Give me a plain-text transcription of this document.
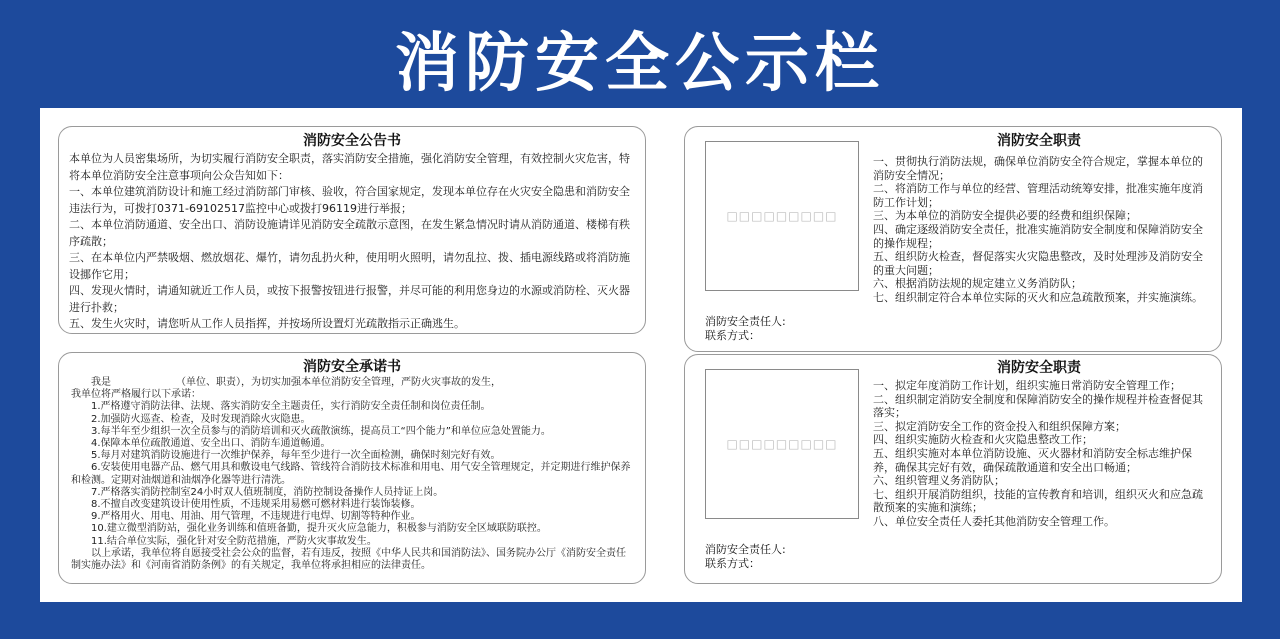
消防安全公示栏
消防安全公告书

本单位为人员密集场所，为切实履行消防安全职责，落实消防安全措施，强化消防安全管理，有效控制火灾危害，特将本单位消防安全注意事项向公众告知如下：

一、本单位建筑消防设计和施工经过消防部门审核、验收，符合国家规定，发现本单位存在火灾安全隐患和消防安全违法行为，可拨打0371-69102517监控中心或拨打96119进行举报；

二、本单位消防通道、安全出口、消防设施请详见消防安全疏散示意图，在发生紧急情况时请从消防通道、楼梯有秩序疏散；

三、在本单位内严禁吸烟、燃放烟花、爆竹，请勿乱扔火种，使用明火照明，请勿乱拉、拨、插电源线路或将消防施设挪作它用；

四、发现火情时，请通知就近工作人员，或按下报警按钮进行报警，并尽可能的利用您身边的水源或消防栓、灭火器进行扑救；

五、发生火灾时，请您听从工作人员指挥，并按场所设置灯光疏散指示正确逃生。

消防安全承诺书

我是　　　　　　　（单位、职责），为切实加强本单位消防安全管理，严防火灾事故的发生，

我单位将严格履行以下承诺：

1.严格遵守消防法律、法规、落实消防安全主题责任，实行消防安全责任制和岗位责任制。

2.加强防火巡查、检查，及时发现消除火灾隐患。

3.每半年至少组织一次全员参与的消防培训和灭火疏散演练，提高员工“四个能力”和单位应急处置能力。

4.保障本单位疏散通道、安全出口、消防车通道畅通。

5.每月对建筑消防设施进行一次维护保养，每年至少进行一次全面检测，确保时刻完好有效。

6.安装使用电器产品、燃气用具和敷设电气线路、管线符合消防技术标准和用电、用气安全管理规定，并定期进行维护保养和检测。定期对油烟道和油烟净化器等进行清洗。

7.严格落实消防控制室24小时双人值班制度，消防控制设备操作人员持证上岗。

8.不擅自改变建筑设计使用性质，不违规采用易燃可燃材料进行装饰装修。

9.严格用火、用电、用油、用气管理，不违规进行电焊、切割等特种作业。

10.建立微型消防站，强化业务训练和值班备勤，提升灭火应急能力，积极参与消防安全区域联防联控。

11.结合单位实际，强化针对安全防范措施，严防火灾事故发生。

以上承诺，我单位将自愿接受社会公众的监督，若有违反，按照《中华人民共和国消防法》、国务院办公厅《消防安全责任制实施办法》和《河南省消防条例》的有关规定，我单位将承担相应的法律责任。

□□□□□□□□□
消防安全责任人:
联系方式：
消防安全职责
一、贯彻执行消防法规，确保单位消防安全符合规定，掌握本单位的消防安全情况；
二、将消防工作与单位的经营、管理活动统筹安排，批准实施年度消防工作计划；
三、为本单位的消防安全提供必要的经费和组织保障；
四、确定逐级消防安全责任，批准实施消防安全制度和保障消防安全的操作规程；
五、组织防火检查，督促落实火灾隐患整改，及时处理涉及消防安全的重大问题；
六、根据消防法规的规定建立义务消防队；
七、组织制定符合本单位实际的灭火和应急疏散预案，并实施演练。
□□□□□□□□□
消防安全责任人:
联系方式：
消防安全职责
一、拟定年度消防工作计划，组织实施日常消防安全管理工作；
二、组织制定消防安全制度和保障消防安全的操作规程并检查督促其落实；
三、拟定消防安全工作的资金投入和组织保障方案；
四、组织实施防火检查和火灾隐患整改工作；
五、组织实施对本单位消防设施、灭火器材和消防安全标志维护保养，确保其完好有效，确保疏散通道和安全出口畅通；
六、组织管理义务消防队；
七、组织开展消防组织，技能的宣传教育和培训，组织灭火和应急疏散预案的实施和演练；
八、单位安全责任人委托其他消防安全管理工作。
